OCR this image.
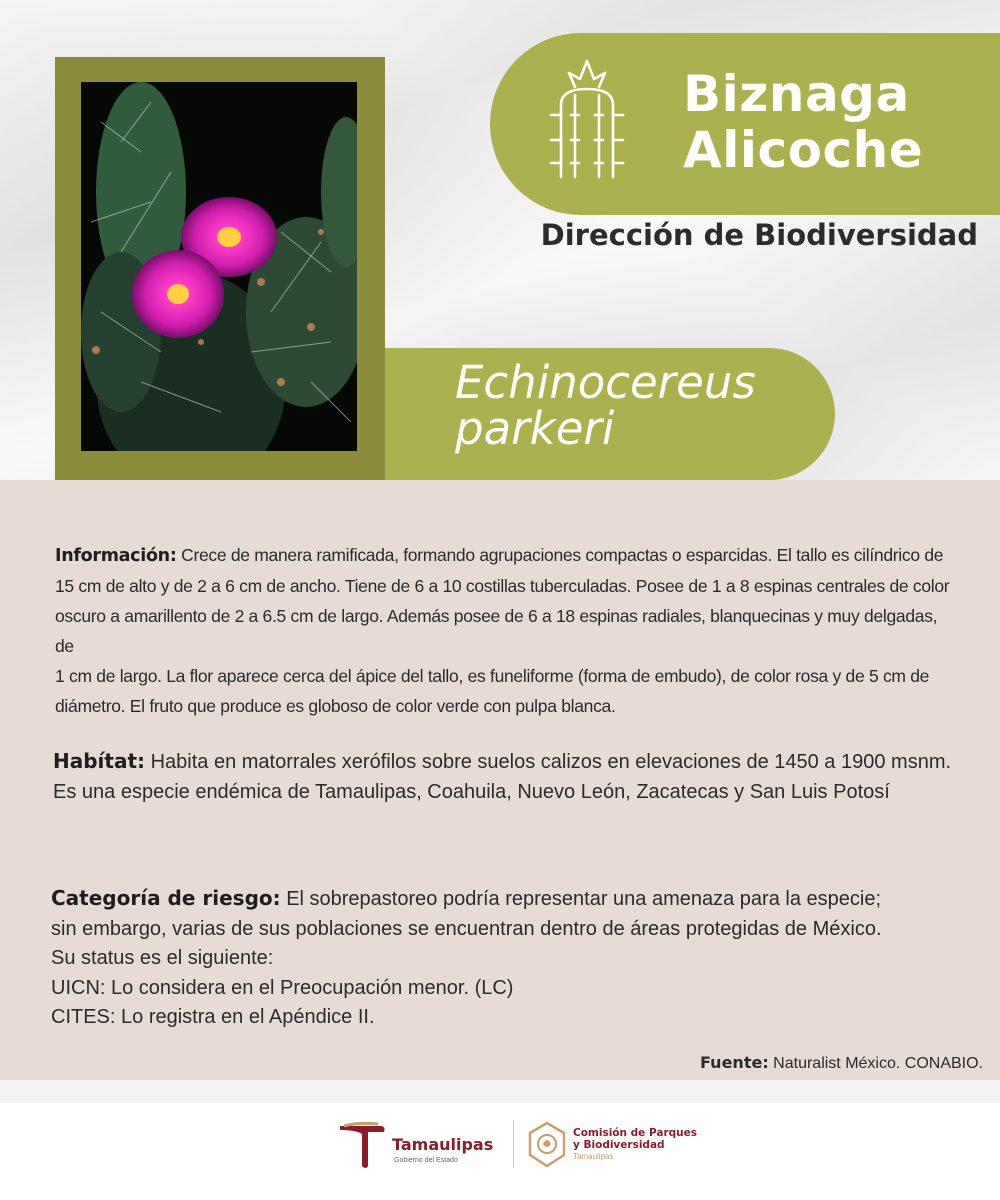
Biznaga
Alicoche
Dirección de Biodiversidad
Echinocereus
parkeri

Información: Crece de manera ramificada, formando agrupaciones compactas o esparcidas. El tallo es cilíndrico de
15 cm de alto y de 2 a 6 cm de ancho. Tiene de 6 a 10 costillas tuberculadas. Posee de 1 a 8 espinas centrales de color
oscuro a amarillento de 2 a 6.5 cm de largo. Además posee de 6 a 18 espinas radiales, blanquecinas y muy delgadas, de
1 cm de largo. La flor aparece cerca del ápice del tallo, es funeliforme (forma de embudo), de color rosa y de 5 cm de
diámetro. El fruto que produce es globoso de color verde con pulpa blanca.

Habítat: Habita en matorrales xerófilos sobre suelos calizos en elevaciones de 1450 a 1900 msnm.
Es una especie endémica de Tamaulipas, Coahuila, Nuevo León, Zacatecas y San Luis Potosí

Categoría de riesgo: El sobrepastoreo podría representar una amenaza para la especie;
sin embargo, varias de sus poblaciones se encuentran dentro de áreas protegidas de México.
Su status es el siguiente:
UICN: Lo considera en el Preocupación menor. (LC)
CITES: Lo registra en el Apéndice II.

Fuente: Naturalist México. CONABIO.

Tamaulipas
Gobierno del Estado
Comisión de Parques
y Biodiversidad
Tamaulipas
